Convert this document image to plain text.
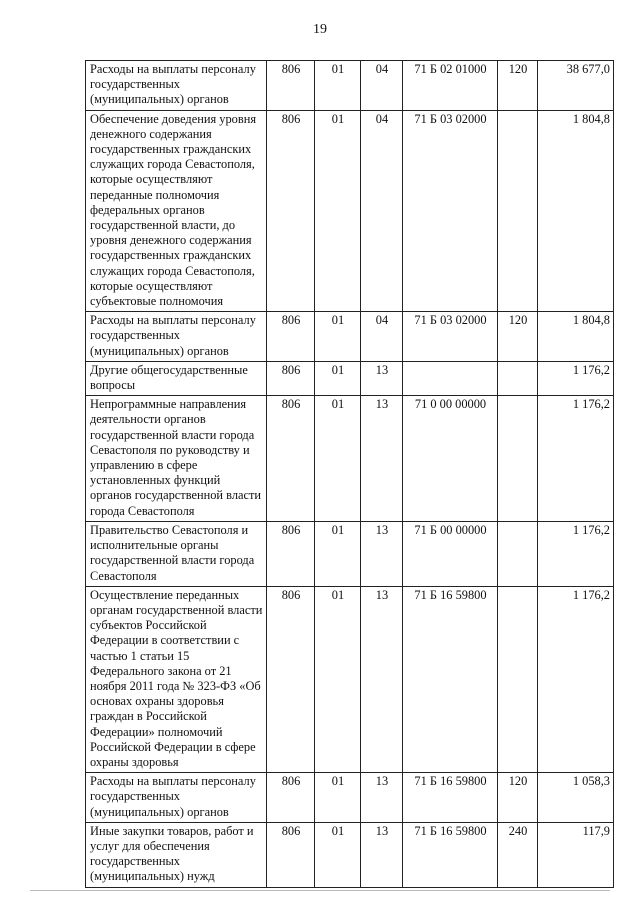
19
Расходы на выплаты персоналу государственных (муниципальных) органов	806	01	04	71 Б 02 01000	120	38 677,0
Обеспечение доведения уровня денежного содержания государственных гражданских служащих города Севастополя, которые осуществляют переданные полномочия федеральных органов государственной власти, до уровня денежного содержания государственных гражданских служащих города Севастополя, которые осуществляют субъектовые полномочия	806	01	04	71 Б 03 02000		1 804,8
Расходы на выплаты персоналу государственных (муниципальных) органов	806	01	04	71 Б 03 02000	120	1 804,8
Другие общегосударственные вопросы	806	01	13			1 176,2
Непрограммные направления деятельности органов государственной власти города Севастополя по руководству и управлению в сфере установленных функций органов государственной власти города Севастополя	806	01	13	71 0 00 00000		1 176,2
Правительство Севастополя и исполнительные органы государственной власти города Севастополя	806	01	13	71 Б 00 00000		1 176,2
Осуществление переданных органам государственной власти субъектов Российской Федерации в соответствии с частью 1 статьи 15 Федерального закона от 21 ноября 2011 года № 323-ФЗ «Об основах охраны здоровья граждан в Российской Федерации» полномочий Российской Федерации в сфере охраны здоровья	806	01	13	71 Б 16 59800		1 176,2
Расходы на выплаты персоналу государственных (муниципальных) органов	806	01	13	71 Б 16 59800	120	1 058,3
Иные закупки товаров, работ и услуг для обеспечения государственных (муниципальных) нужд	806	01	13	71 Б 16 59800	240	117,9
